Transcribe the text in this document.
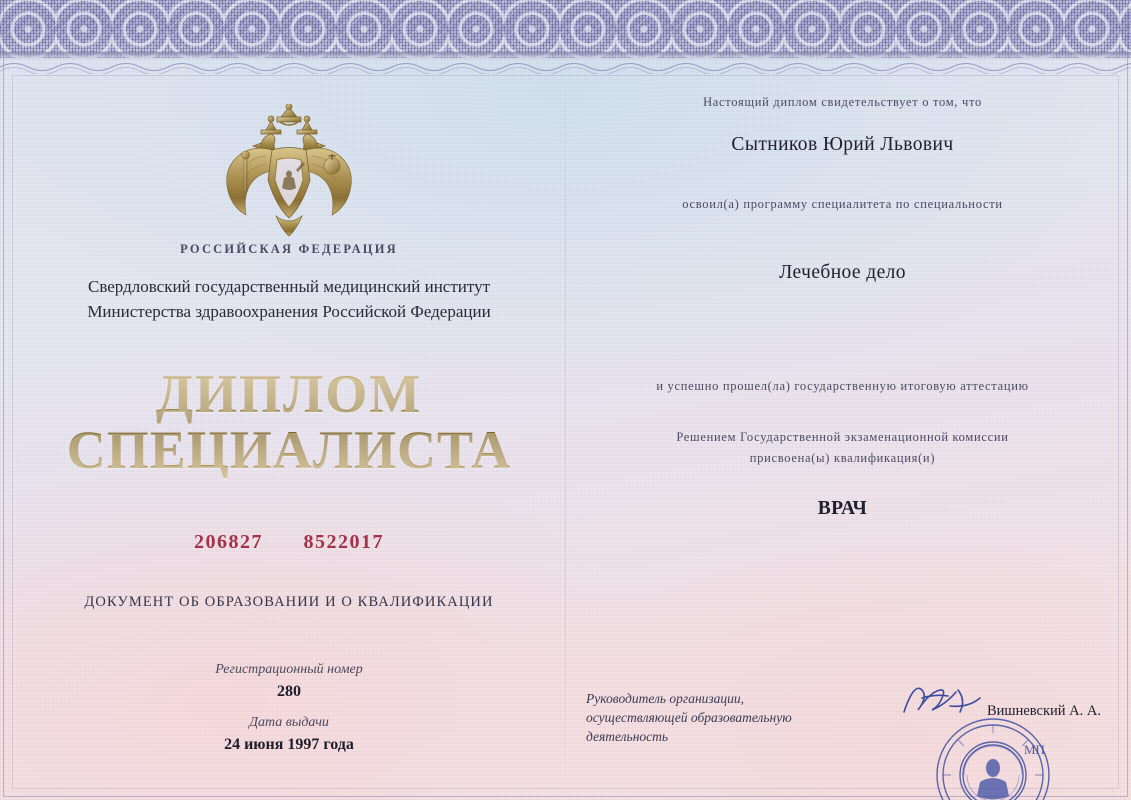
РОССИЙСКАЯ ФЕДЕРАЦИЯ
Свердловский государственный медицинский институт
Министерства здравоохранения Российской Федерации
ДИПЛОМ
СПЕЦИАЛИСТА
206827 8522017
ДОКУМЕНТ ОБ ОБРАЗОВАНИИ И О КВАЛИФИКАЦИИ
Регистрационный номер
280
Дата выдачи
24 июня 1997 года
Настоящий диплом свидетельствует о том, что
Сытников Юрий Львович
освоил(а) программу специалитета по специальности
Лечебное дело
и успешно прошел(ла) государственную итоговую аттестацию
Решением Государственной экзаменационной комиссии
присвоена(ы) квалификация(и)
ВРАЧ
Руководитель организации,
осуществляющей образовательную
деятельность
Вишневский А. А.
МП
